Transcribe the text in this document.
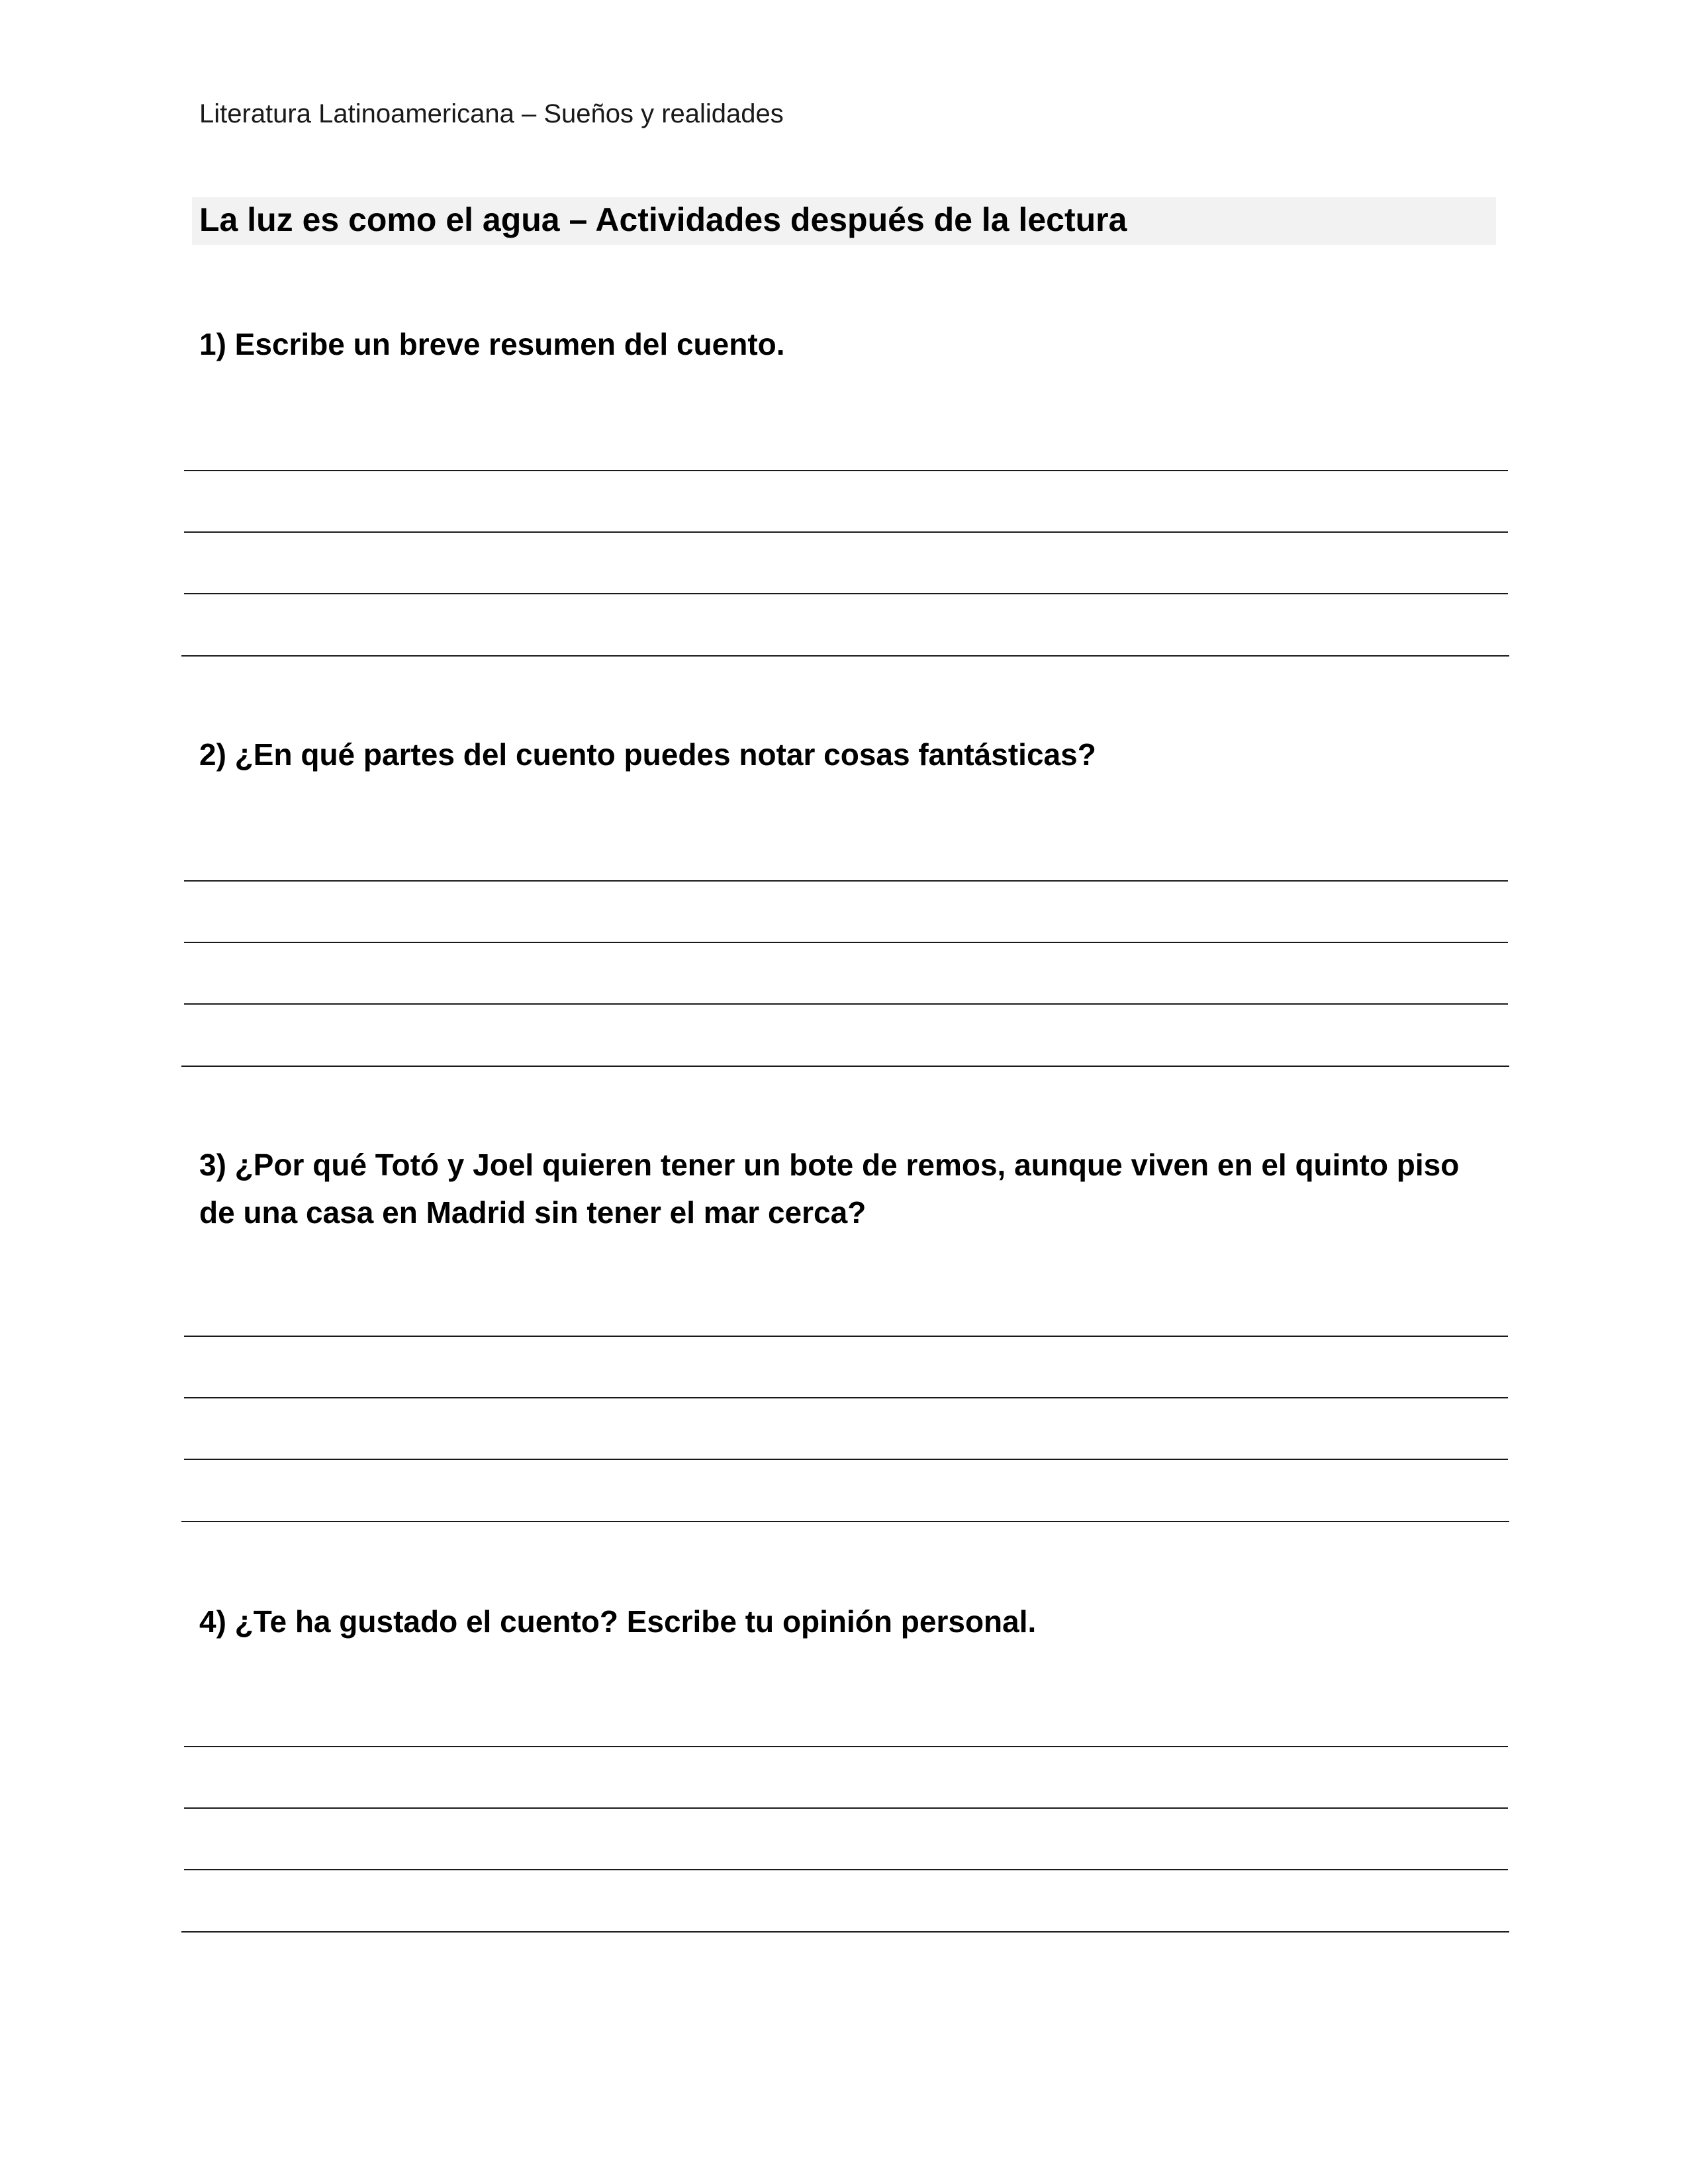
Literatura Latinoamericana – Sueños y realidades
La luz es como el agua – Actividades después de la lectura
1) Escribe un breve resumen del cuento.
2) ¿En qué partes del cuento puedes notar cosas fantásticas?
3) ¿Por qué Totó y Joel quieren tener un bote de remos, aunque viven en el quinto piso de una casa en Madrid sin tener el mar cerca?
4) ¿Te ha gustado el cuento? Escribe tu opinión personal.
